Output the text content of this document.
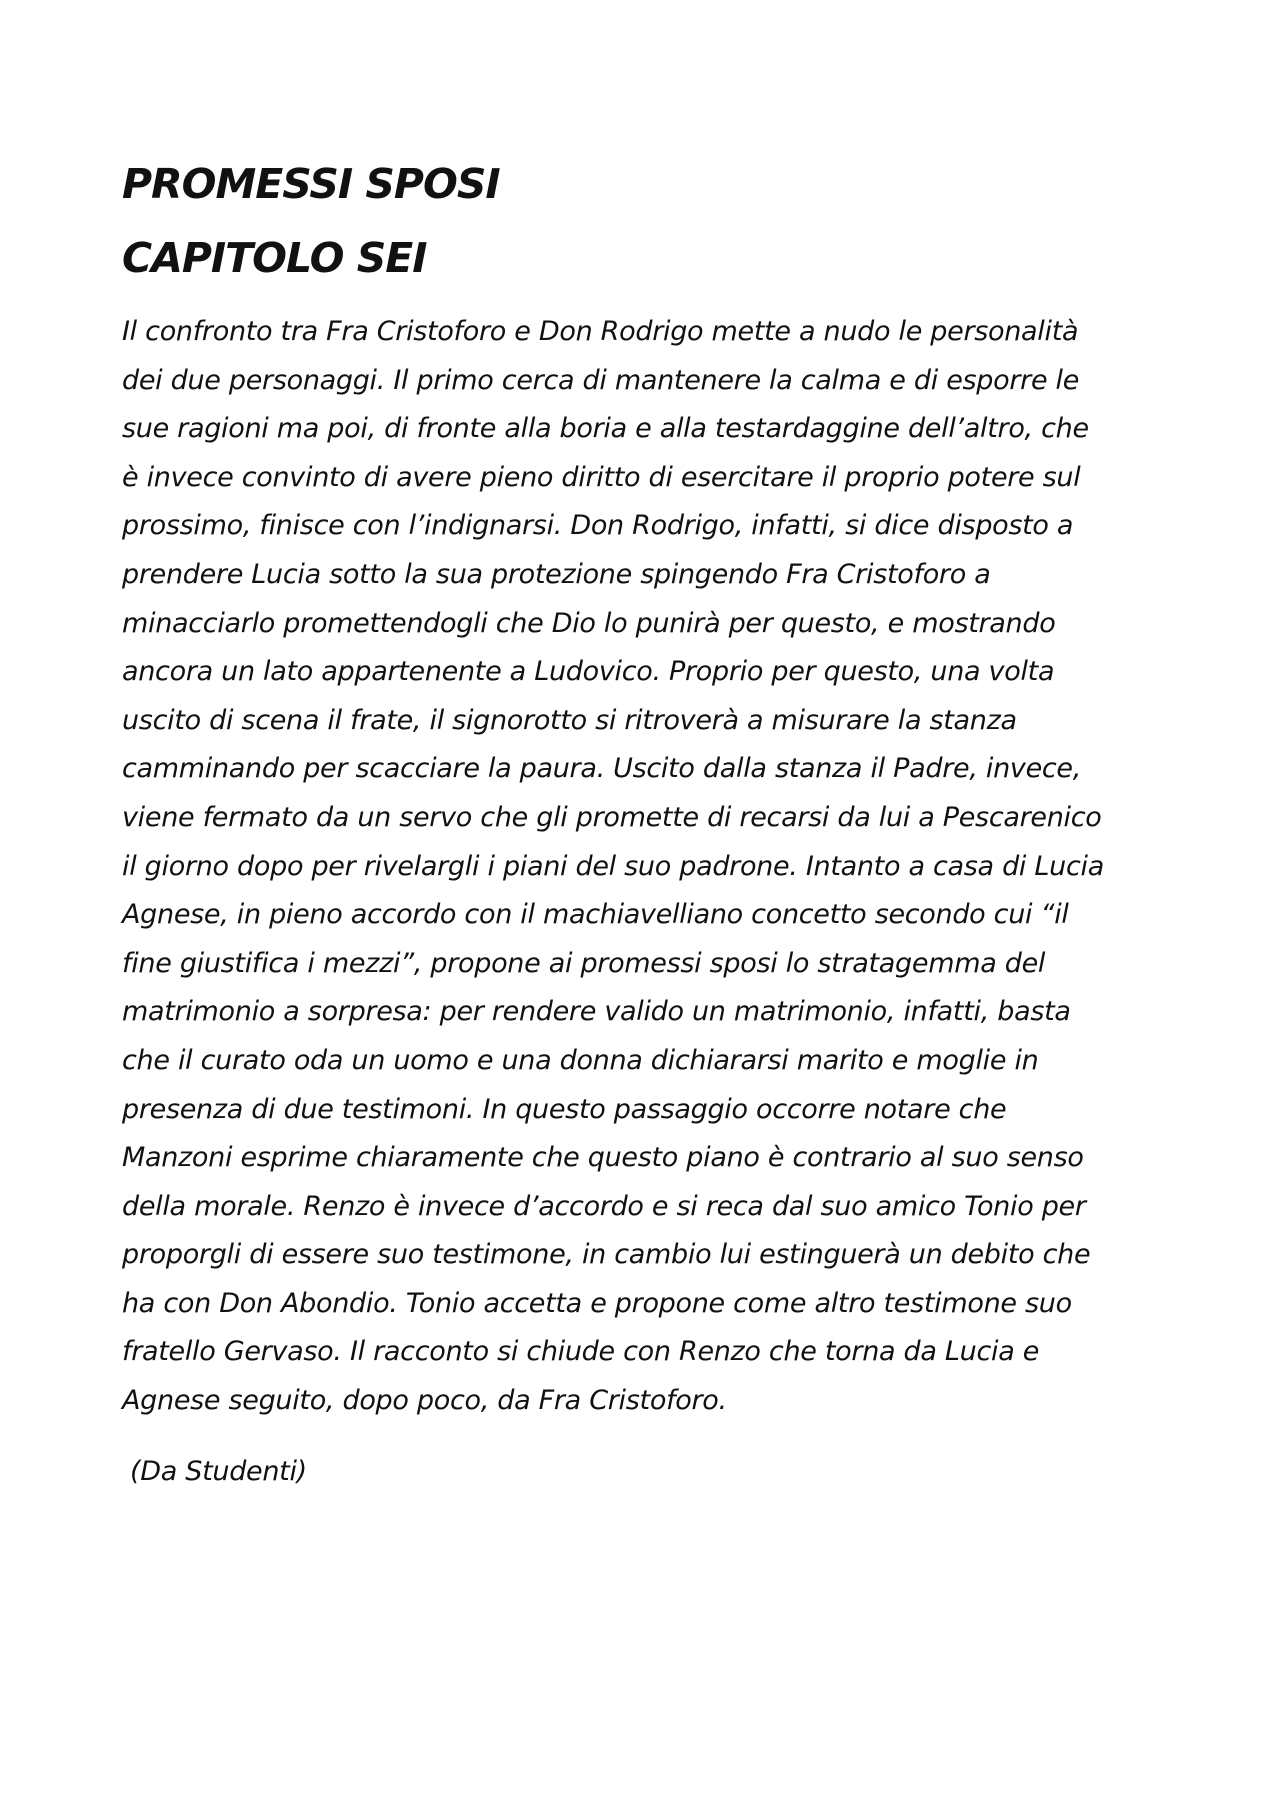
PROMESSI SPOSI
CAPITOLO SEI

Il confronto tra Fra Cristoforo e Don Rodrigo mette a nudo le personalità
dei due personaggi. Il primo cerca di mantenere la calma e di esporre le
sue ragioni ma poi, di fronte alla boria e alla testardaggine dell’altro, che
è invece convinto di avere pieno diritto di esercitare il proprio potere sul
prossimo, finisce con l’indignarsi. Don Rodrigo, infatti, si dice disposto a
prendere Lucia sotto la sua protezione spingendo Fra Cristoforo a
minacciarlo promettendogli che Dio lo punirà per questo, e mostrando
ancora un lato appartenente a Ludovico. Proprio per questo, una volta
uscito di scena il frate, il signorotto si ritroverà a misurare la stanza
camminando per scacciare la paura. Uscito dalla stanza il Padre, invece,
viene fermato da un servo che gli promette di recarsi da lui a Pescarenico
il giorno dopo per rivelargli i piani del suo padrone. Intanto a casa di Lucia
Agnese, in pieno accordo con il machiavelliano concetto secondo cui “il
fine giustifica i mezzi”, propone ai promessi sposi lo stratagemma del
matrimonio a sorpresa: per rendere valido un matrimonio, infatti, basta
che il curato oda un uomo e una donna dichiararsi marito e moglie in
presenza di due testimoni. In questo passaggio occorre notare che
Manzoni esprime chiaramente che questo piano è contrario al suo senso
della morale. Renzo è invece d’accordo e si reca dal suo amico Tonio per
proporgli di essere suo testimone, in cambio lui estinguerà un debito che
ha con Don Abondio. Tonio accetta e propone come altro testimone suo
fratello Gervaso. Il racconto si chiude con Renzo che torna da Lucia e
Agnese seguito, dopo poco, da Fra Cristoforo.

(Da Studenti)
